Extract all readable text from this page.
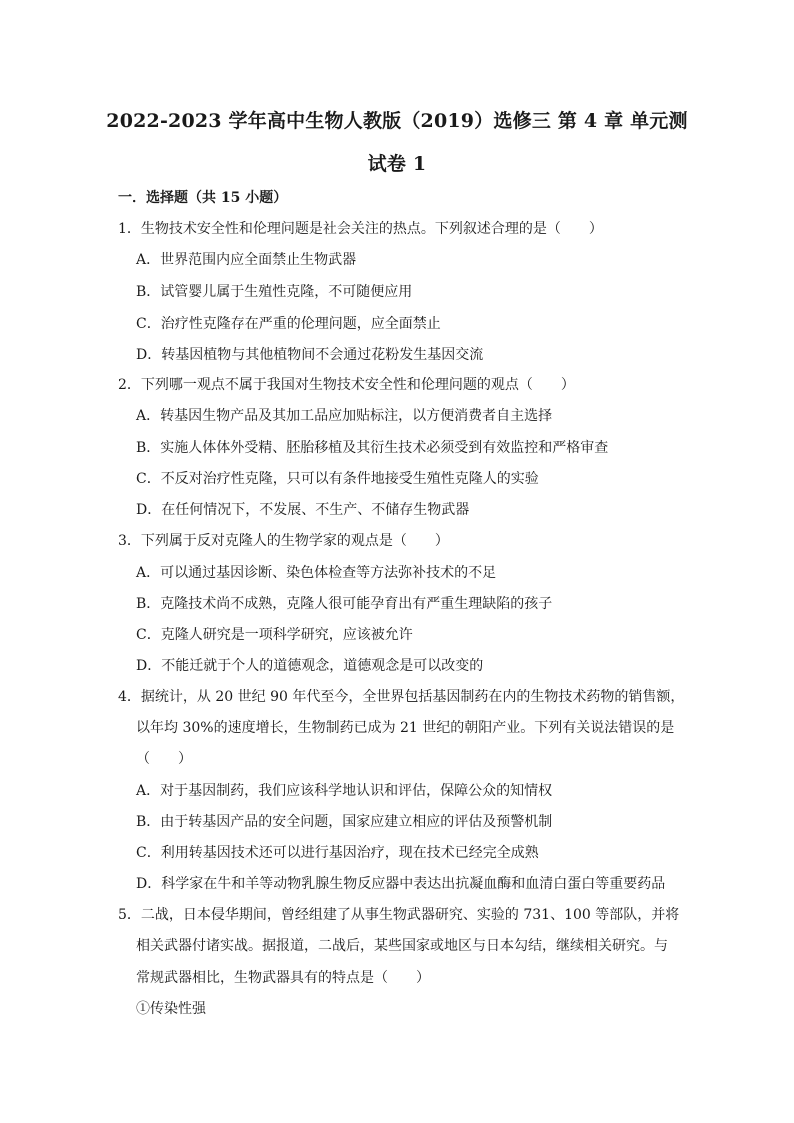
2022-2023 学年高中生物人教版（2019）选修三 第 4 章 单元测
试卷 1
一．选择题（共 15 小题）
1．生物技术安全性和伦理问题是社会关注的热点。下列叙述合理的是（　　）
A．世界范围内应全面禁止生物武器
B．试管婴儿属于生殖性克隆，不可随便应用
C．治疗性克隆存在严重的伦理问题，应全面禁止
D．转基因植物与其他植物间不会通过花粉发生基因交流
2．下列哪一观点不属于我国对生物技术安全性和伦理问题的观点（　　）
A．转基因生物产品及其加工品应加贴标注，以方便消费者自主选择
B．实施人体体外受精、胚胎移植及其衍生技术必须受到有效监控和严格审查
C．不反对治疗性克隆，只可以有条件地接受生殖性克隆人的实验
D．在任何情况下，不发展、不生产、不储存生物武器
3．下列属于反对克隆人的生物学家的观点是（　　）
A．可以通过基因诊断、染色体检查等方法弥补技术的不足
B．克隆技术尚不成熟，克隆人很可能孕育出有严重生理缺陷的孩子
C．克隆人研究是一项科学研究，应该被允许
D．不能迁就于个人的道德观念，道德观念是可以改变的
4．据统计，从 20 世纪 90 年代至今，全世界包括基因制药在内的生物技术药物的销售额，
以年均 30%的速度增长，生物制药已成为 21 世纪的朝阳产业。下列有关说法错误的是
（　　）
A．对于基因制药，我们应该科学地认识和评估，保障公众的知情权
B．由于转基因产品的安全问题，国家应建立相应的评估及预警机制
C．利用转基因技术还可以进行基因治疗，现在技术已经完全成熟
D．科学家在牛和羊等动物乳腺生物反应器中表达出抗凝血酶和血清白蛋白等重要药品
5．二战，日本侵华期间，曾经组建了从事生物武器研究、实验的 731、100 等部队，并将
相关武器付诸实战。据报道，二战后，某些国家或地区与日本勾结，继续相关研究。与
常规武器相比，生物武器具有的特点是（　　）
①传染性强
